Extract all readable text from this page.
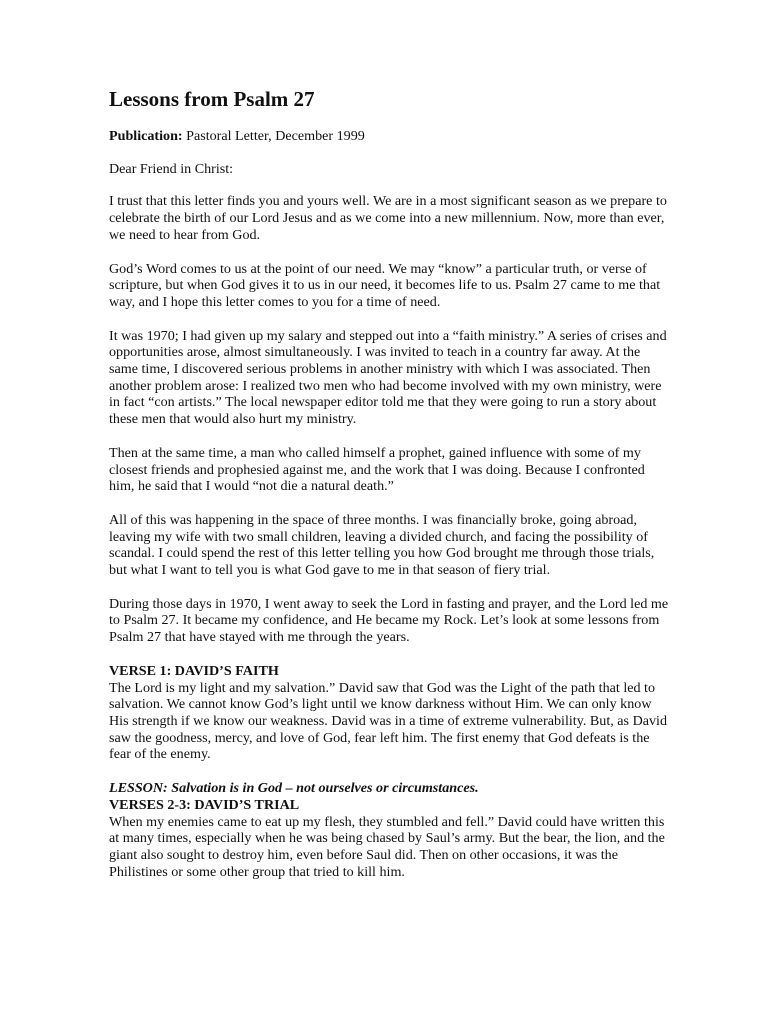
Lessons from Psalm 27

Publication: Pastoral Letter, December 1999

Dear Friend in Christ:

I trust that this letter finds you and yours well. We are in a most significant season as we prepare to celebrate the birth of our Lord Jesus and as we come into a new millennium. Now, more than ever, we need to hear from God.

God’s Word comes to us at the point of our need. We may “know” a particular truth, or verse of scripture, but when God gives it to us in our need, it becomes life to us. Psalm 27 came to me that way, and I hope this letter comes to you for a time of need.

It was 1970; I had given up my salary and stepped out into a “faith ministry.” A series of crises and opportunities arose, almost simultaneously. I was invited to teach in a country far away. At the same time, I discovered serious problems in another ministry with which I was associated. Then another problem arose: I realized two men who had become involved with my own ministry, were in fact “con artists.” The local newspaper editor told me that they were going to run a story about these men that would also hurt my ministry.

Then at the same time, a man who called himself a prophet, gained influence with some of my closest friends and prophesied against me, and the work that I was doing. Because I confronted him, he said that I would “not die a natural death.”

All of this was happening in the space of three months. I was financially broke, going abroad, leaving my wife with two small children, leaving a divided church, and facing the possibility of scandal. I could spend the rest of this letter telling you how God brought me through those trials, but what I want to tell you is what God gave to me in that season of fiery trial.

During those days in 1970, I went away to seek the Lord in fasting and prayer, and the Lord led me to Psalm 27. It became my confidence, and He became my Rock. Let’s look at some lessons from Psalm 27 that have stayed with me through the years.

VERSE 1: DAVID’S FAITH

The Lord is my light and my salvation.” David saw that God was the Light of the path that led to salvation. We cannot know God’s light until we know darkness without Him. We can only know His strength if we know our weakness. David was in a time of extreme vulnerability. But, as David saw the goodness, mercy, and love of God, fear left him. The first enemy that God defeats is the fear of the enemy.

LESSON: Salvation is in God – not ourselves or circumstances.

VERSES 2-3: DAVID’S TRIAL

When my enemies came to eat up my flesh, they stumbled and fell.” David could have written this at many times, especially when he was being chased by Saul’s army. But the bear, the lion, and the giant also sought to destroy him, even before Saul did. Then on other occasions, it was the Philistines or some other group that tried to kill him.
